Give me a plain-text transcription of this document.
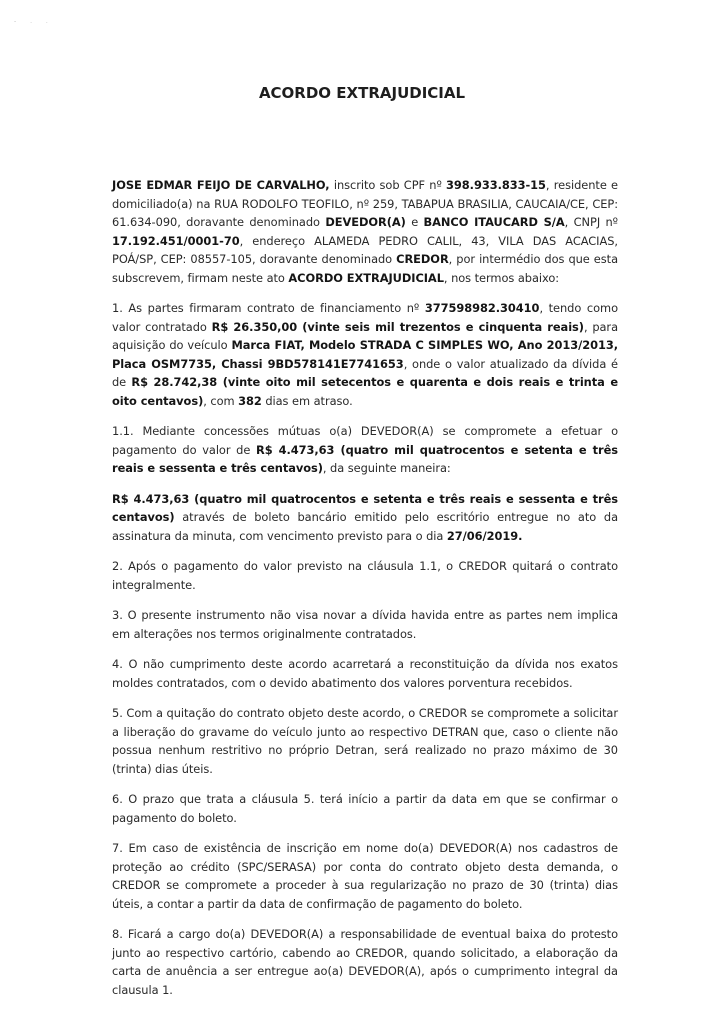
- . .
ACORDO EXTRAJUDICIAL

JOSE EDMAR FEIJO DE CARVALHO, inscrito sob CPF nº 398.933.833-15, residente e domiciliado(a) na RUA RODOLFO TEOFILO, nº 259, TABAPUA BRASILIA, CAUCAIA/CE, CEP: 61.634-090, doravante denominado DEVEDOR(A) e BANCO ITAUCARD S/A, CNPJ nº 17.192.451/0001-70, endereço ALAMEDA PEDRO CALIL, 43, VILA DAS ACACIAS, POÁ/SP, CEP: 08557-105, doravante denominado CREDOR, por intermédio dos que esta subscrevem, firmam neste ato ACORDO EXTRAJUDICIAL, nos termos abaixo:

1. As partes firmaram contrato de financiamento nº 377598982.30410, tendo como valor contratado R$ 26.350,00 (vinte seis mil trezentos e cinquenta reais), para aquisição do veículo Marca FIAT, Modelo STRADA C SIMPLES WO, Ano 2013/2013, Placa OSM7735, Chassi 9BD578141E7741653, onde o valor atualizado da dívida é de R$ 28.742,38 (vinte oito mil setecentos e quarenta e dois reais e trinta e oito centavos), com 382 dias em atraso.

1.1. Mediante concessões mútuas o(a) DEVEDOR(A) se compromete a efetuar o pagamento do valor de R$ 4.473,63 (quatro mil quatrocentos e setenta e três reais e sessenta e três centavos), da seguinte maneira:

R$ 4.473,63 (quatro mil quatrocentos e setenta e três reais e sessenta e três centavos) através de boleto bancário emitido pelo escritório entregue no ato da assinatura da minuta, com vencimento previsto para o dia 27/06/2019.

2. Após o pagamento do valor previsto na cláusula 1.1, o CREDOR quitará o contrato integralmente.

3. O presente instrumento não visa novar a dívida havida entre as partes nem implica em alterações nos termos originalmente contratados.

4. O não cumprimento deste acordo acarretará a reconstituição da dívida nos exatos moldes contratados, com o devido abatimento dos valores porventura recebidos.

5. Com a quitação do contrato objeto deste acordo, o CREDOR se compromete a solicitar a liberação do gravame do veículo junto ao respectivo DETRAN que, caso o cliente não possua nenhum restritivo no próprio Detran, será realizado no prazo máximo de 30 (trinta) dias úteis.

6. O prazo que trata a cláusula 5. terá início a partir da data em que se confirmar o pagamento do boleto.

7. Em caso de existência de inscrição em nome do(a) DEVEDOR(A) nos cadastros de proteção ao crédito (SPC/SERASA) por conta do contrato objeto desta demanda, o CREDOR se compromete a proceder à sua regularização no prazo de 30 (trinta) dias úteis, a contar a partir da data de confirmação de pagamento do boleto.

8. Ficará a cargo do(a) DEVEDOR(A) a responsabilidade de eventual baixa do protesto junto ao respectivo cartório, cabendo ao CREDOR, quando solicitado, a elaboração da carta de anuência a ser entregue ao(a) DEVEDOR(A), após o cumprimento integral da clausula 1.
